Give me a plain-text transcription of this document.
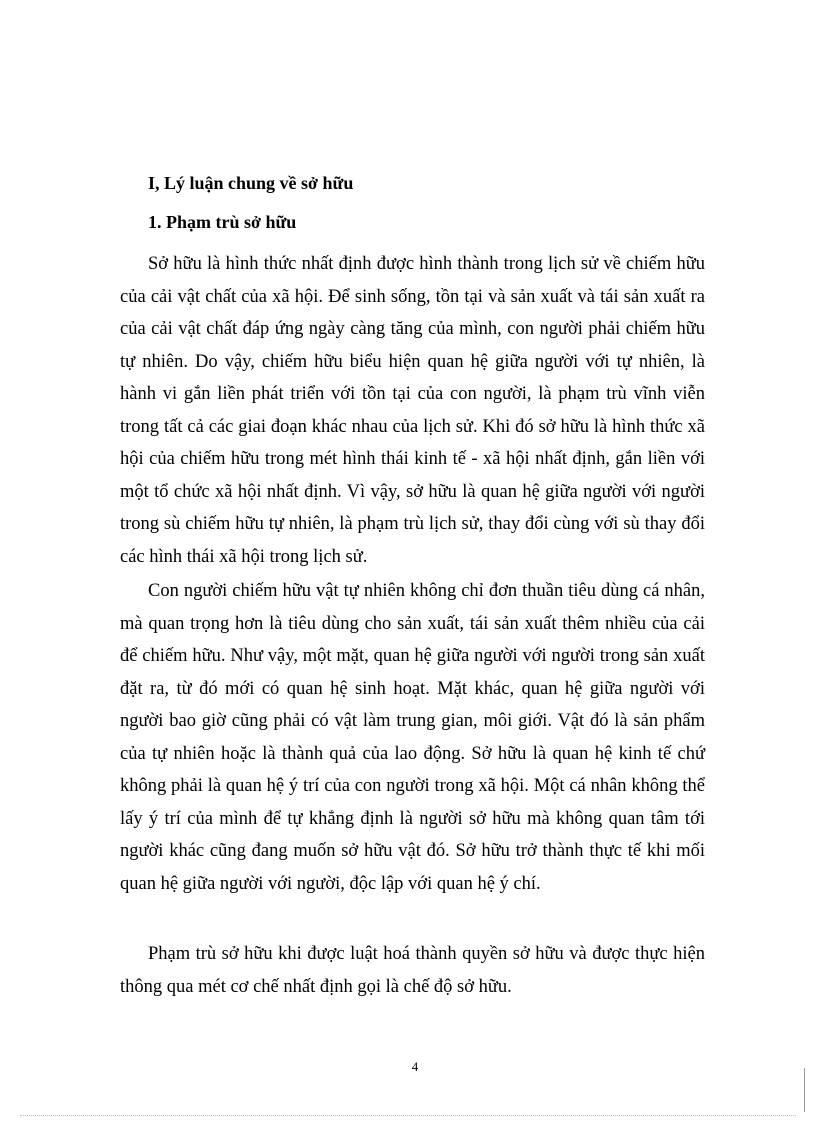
I, Lý luận chung về sở hữu
1. Phạm trù sở hữu

Sở hữu là hình thức nhất định được hình thành trong lịch sử về chiếm hữu của cải vật chất của xã hội. Để sinh sống, tồn tại và sản xuất và tái sản xuất ra của cải vật chất đáp ứng ngày càng tăng của mình, con người phải chiếm hữu tự nhiên. Do vậy, chiếm hữu biểu hiện quan hệ giữa người với tự nhiên, là hành vi gắn liền phát triển với tồn tại của con người, là phạm trù vĩnh viễn trong tất cả các giai đoạn khác nhau của lịch sử. Khi đó sở hữu là hình thức xã hội của chiếm hữu trong mét hình thái kinh tế - xã hội nhất định, gắn liền với một tổ chức xã hội nhất định. Vì vậy, sở hữu là quan hệ giữa người với người trong sù chiếm hữu tự nhiên, là phạm trù lịch sử, thay đổi cùng với sù thay đổi các hình thái xã hội trong lịch sử.

Con người chiếm hữu vật tự nhiên không chỉ đơn thuần tiêu dùng cá nhân, mà quan trọng hơn là tiêu dùng cho sản xuất, tái sản xuất thêm nhiều của cải để chiếm hữu. Như vậy, một mặt, quan hệ giữa người với người trong sản xuất đặt ra, từ đó mới có quan hệ sinh hoạt. Mặt khác, quan hệ giữa người với người bao giờ cũng phải có vật làm trung gian, môi giới. Vật đó là sản phẩm của tự nhiên hoặc là thành quả của lao động. Sở hữu là quan hệ kinh tế chứ không phải là quan hệ ý trí của con người trong xã hội. Một cá nhân không thể lấy ý trí của mình để tự khẳng định là người sở hữu mà không quan tâm tới người khác cũng đang muốn sở hữu vật đó. Sở hữu trở thành thực tế khi mối quan hệ giữa người với người, độc lập với quan hệ ý chí.

Phạm trù sở hữu khi được luật hoá thành quyền sở hữu và được thực hiện thông qua mét cơ chế nhất định gọi là chế độ sở hữu.

4
